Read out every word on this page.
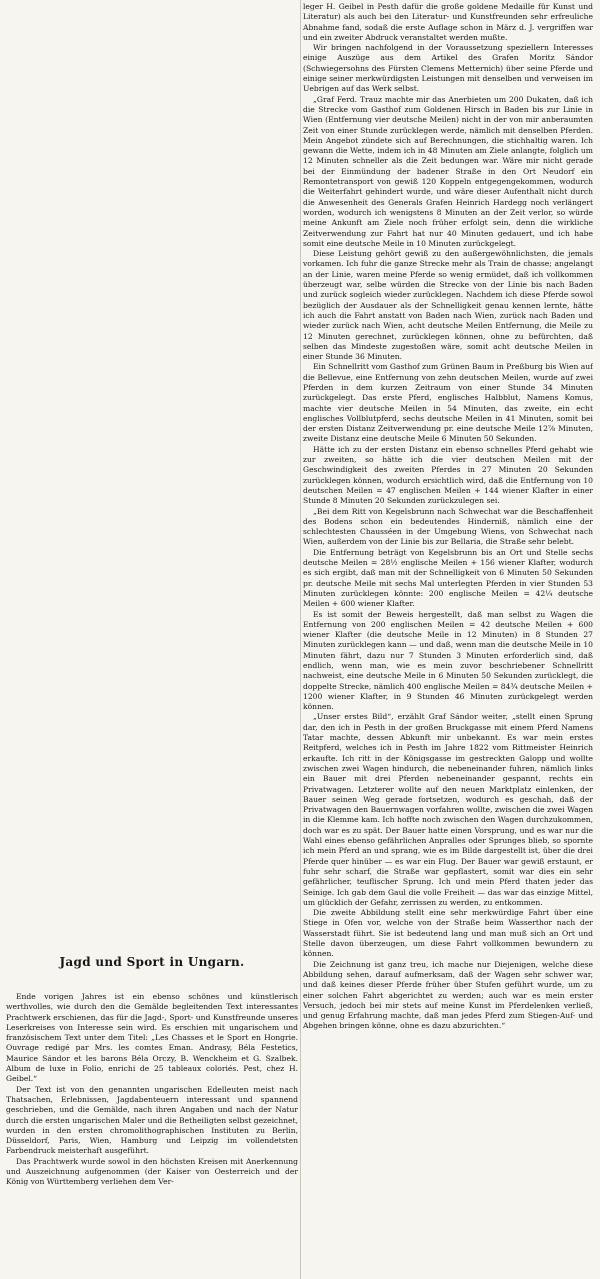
Jagd und Sport in Ungarn.

Ende vorigen Jahres ist ein ebenso schönes und künstlerisch werthvolles, wie durch den die Gemälde begleitenden Text interessantes Prachtwerk erschienen, das für die Jagd-, Sport- und Kunstfreunde unseres Leserkreises von Interesse sein wird. Es erschien mit ungarischem und französischem Text unter dem Titel: „Les Chasses et le Sport en Hongrie. Ouvrage redigé par Mrs. les comtes Eman. Andrasy, Béla Festetics, Maurice Sándor et les barons Béla Orczy, B. Wenckheim et G. Szalbek. Album de luxe in Folio, enrichi de 25 tableaux coloriés. Pest, chez H. Geibel.“

Der Text ist von den genannten ungarischen Edelleuten meist nach Thatsachen, Erlebnissen, Jagdabenteuern interessant und spannend geschrieben, und die Gemälde, nach ihren Angaben und nach der Natur durch die ersten ungarischen Maler und die Betheiligten selbst gezeichnet, wurden in den ersten chromolithographischen Instituten zu Berlin, Düsseldorf, Paris, Wien, Hamburg und Leipzig im vollendetsten Farbendruck meisterhaft ausgeführt.

Das Prachtwerk wurde sowol in den höchsten Kreisen mit Anerkennung und Auszeichnung aufgenommen (der Kaiser von Oesterreich und der König von Württemberg verliehen dem Ver-

leger H. Geibel in Pesth dafür die große goldene Medaille für Kunst und Literatur) als auch bei den Literatur- und Kunstfreunden sehr erfreuliche Abnahme fand, sodaß die erste Auflage schon in März d. J. vergriffen war und ein zweiter Abdruck veranstaltet werden mußte.

Wir bringen nachfolgend in der Voraussetzung speziellern Interesses einige Auszüge aus dem Artikel des Grafen Moritz Sándor (Schwiegersohns des Fürsten Clemens Metternich) über seine Pferde und einige seiner merkwürdigsten Leistungen mit denselben und verweisen im Uebrigen auf das Werk selbst.

„Graf Ferd. Trauz machte mir das Anerbieten um 200 Dukaten, daß ich die Strecke vom Gasthof zum Goldenen Hirsch in Baden bis zur Linie in Wien (Entfernung vier deutsche Meilen) nicht in der von mir anberaumten Zeit von einer Stunde zurücklegen werde, nämlich mit denselben Pferden. Mein Angebot zündete sich auf Berechnungen, die stichhaltig waren. Ich gewann die Wette, indem ich in 48 Minuten am Ziele anlangte, folglich um 12 Minuten schneller als die Zeit bedungen war. Wäre mir nicht gerade bei der Einmündung der badener Straße in den Ort Neudorf ein Remontetransport von gewiß 120 Koppeln entgegengekommen, wodurch die Weiterfahrt gehindert wurde, und wäre dieser Aufenthalt nicht durch die Anwesenheit des Generals Grafen Heinrich Hardegg noch verlängert worden, wodurch ich wenigstens 8 Minuten an der Zeit verlor, so würde meine Ankunft am Ziele noch früher erfolgt sein, denn die wirkliche Zeitverwendung zur Fahrt hat nur 40 Minuten gedauert, und ich habe somit eine deutsche Meile in 10 Minuten zurückgelegt.

Diese Leistung gehört gewiß zu den außergewöhnlichsten, die jemals vorkamen. Ich fuhr die ganze Strecke mehr als Train de chasse; angelangt an der Linie, waren meine Pferde so wenig ermüdet, daß ich vollkommen überzeugt war, selbe würden die Strecke von der Linie bis nach Baden und zurück sogleich wieder zurücklegen. Nachdem ich diese Pferde sowol bezüglich der Ausdauer als der Schnelligkeit genau kennen lernte, hätte ich auch die Fahrt anstatt von Baden nach Wien, zurück nach Baden und wieder zurück nach Wien, acht deutsche Meilen Entfernung, die Meile zu 12 Minuten gerechnet, zurücklegen können, ohne zu befürchten, daß selben das Mindeste zugestoßen wäre, somit acht deutsche Meilen in einer Stunde 36 Minuten.

Ein Schnellritt vom Gasthof zum Grünen Baum in Preßburg bis Wien auf die Bellevue, eine Entfernung von zehn deutschen Meilen, wurde auf zwei Pferden in dem kurzen Zeitraum von einer Stunde 34 Minuten zurückgelegt. Das erste Pferd, englisches Halbblut, Namens Komus, machte vier deutsche Meilen in 54 Minuten, das zweite, ein echt englisches Vollblutpferd, sechs deutsche Meilen in 41 Minuten, somit bei der ersten Distanz Zeitverwendung pr. eine deutsche Meile 12⅞ Minuten, zweite Distanz eine deutsche Meile 6 Minuten 50 Sekunden.

Hätte ich zu der ersten Distanz ein ebenso schnelles Pferd gehabt wie zur zweiten, so hätte ich die vier deutschen Meilen mit der Geschwindigkeit des zweiten Pferdes in 27 Minuten 20 Sekunden zurücklegen können, wodurch ersichtlich wird, daß die Entfernung von 10 deutschen Meilen = 47 englischen Meilen + 144 wiener Klafter in einer Stunde 8 Minuten 20 Sekunden zurückzulegen sei.

„Bei dem Ritt von Kegelsbrunn nach Schwechat war die Beschaffenheit des Bodens schon ein bedeutendes Hinderniß, nämlich eine der schlechtesten Chausséen in der Umgebung Wiens, von Schwechat nach Wien, außerdem von der Linie bis zur Bellaria, die Straße sehr belebt.

Die Entfernung beträgt von Kegelsbrunn bis an Ort und Stelle sechs deutsche Meilen = 28½ englische Meilen + 156 wiener Klafter, wodurch es sich ergibt, daß man mit der Schnelligkeit von 6 Minuten 50 Sekunden pr. deutsche Meile mit sechs Mal unterlegten Pferden in vier Stunden 53 Minuten zurücklegen könnte: 200 englische Meilen = 42¼ deutsche Meilen + 600 wiener Klafter.

Es ist somit der Beweis hergestellt, daß man selbst zu Wagen die Entfernung von 200 englischen Meilen = 42 deutsche Meilen + 600 wiener Klafter (die deutsche Meile in 12 Minuten) in 8 Stunden 27 Minuten zurücklegen kann — und daß, wenn man die deutsche Meile in 10 Minuten fährt, dazu nur 7 Stunden 3 Minuten erforderlich sind, daß endlich, wenn man, wie es mein zuvor beschriebener Schnellritt nachweist, eine deutsche Meile in 6 Minuten 50 Sekunden zurücklegt, die doppelte Strecke, nämlich 400 englische Meilen = 84¾ deutsche Meilen + 1200 wiener Klafter, in 9 Stunden 46 Minuten zurückgelegt werden können.

„Unser erstes Bild“, erzählt Graf Sándor weiter, „stellt einen Sprung dar, den ich in Pesth in der großen Bruckgasse mit einem Pferd Namens Tatar machte, dessen Abkunft mir unbekannt. Es war mein erstes Reitpferd, welches ich in Pesth im Jahre 1822 vom Rittmeister Heinrich erkaufte. Ich ritt in der Königsgasse im gestreckten Galopp und wollte zwischen zwei Wagen hindurch, die nebeneinander fuhren, nämlich links ein Bauer mit drei Pferden nebeneinander gespannt, rechts ein Privatwagen. Letzterer wollte auf den neuen Marktplatz einlenken, der Bauer seinen Weg gerade fortsetzen, wodurch es geschah, daß der Privatwagen den Bauernwagen vorfahren wollte, zwischen die zwei Wagen in die Klemme kam. Ich hoffte noch zwischen den Wagen durchzukommen, doch war es zu spät. Der Bauer hatte einen Vorsprung, und es war nur die Wahl eines ebenso gefährlichen Anpralles oder Sprunges blieb, so spornte ich mein Pferd an und sprang, wie es im Bilde dargestellt ist, über die drei Pferde quer hinüber — es war ein Flug. Der Bauer war gewiß erstaunt, er fuhr sehr scharf, die Straße war gepflastert, somit war dies ein sehr gefährlicher, teuflischer Sprung. Ich und mein Pferd thaten jeder das Seinige. Ich gab dem Gaul die volle Freiheit — das war das einzige Mittel, um glücklich der Gefahr, zerrissen zu werden, zu entkommen.

Die zweite Abbildung stellt eine sehr merkwürdige Fahrt über eine Stiege in Ofen vor, welche von der Straße beim Wasserthor nach der Wasserstadt führt. Sie ist bedeutend lang und man muß sich an Ort und Stelle davon überzeugen, um diese Fahrt vollkommen bewundern zu können.

Die Zeichnung ist ganz treu, ich mache nur Diejenigen, welche diese Abbildung sehen, darauf aufmerksam, daß der Wagen sehr schwer war, und daß keines dieser Pferde früher über Stufen geführt wurde, um zu einer solchen Fahrt abgerichtet zu werden; auch war es mein erster Versuch, jedoch bei mir stets auf meine Kunst im Pferdelenken verließ, und genug Erfahrung machte, daß man jedes Pferd zum Stiegen-Auf- und Abgehen bringen könne, ohne es dazu abzurichten.“
